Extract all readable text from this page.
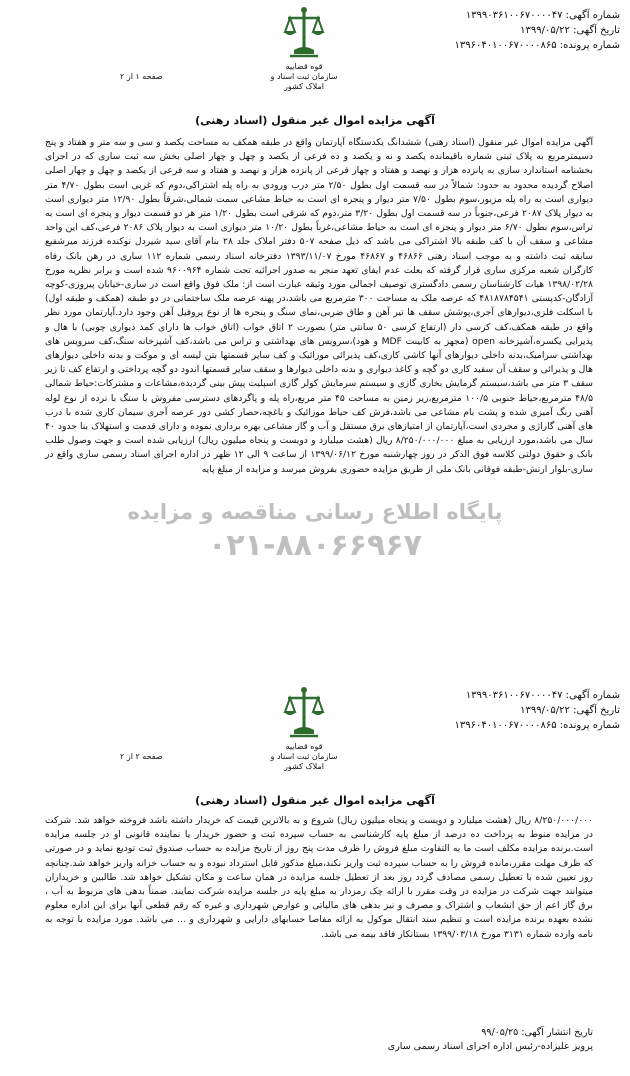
شماره آگهی: ۱۳۹۹۰۳۶۱۰۰۶۷۰۰۰۰۴۷
تاریخ آگهی: ۱۳۹۹/۰۵/۲۲
شماره پرونده: ۱۳۹۶۰۴۰۱۰۰۶۷۰۰۰۰۸۶۵
قوه قضاییه
سازمان ثبت اسناد و املاک کشور
صفحه ۱ از ۲
آگهی مزایده اموال غیر منقول (اسناد رهنی)

آگهی مزایده اموال غیر منقول (اسناد رهنی) ششدانگ یکدستگاه آپارتمان واقع در طبقه همکف به مساحت یکصد و سی و سه متر و هفتاد و پنج دسیمترمربع به پلاک ثبتی شماره باقیمانده یکصد و نه و یکصد و ده فرعی از یکصد و چهل و چهار اصلی بخش سه ثبت ساری که در اجرای بخشنامه استاندارد سازی به پانزده هزار و نهصد و هفتاد و چهار فرعی از پانزده هزار و نهصد و هفتاد و سه فرعی از یکصد و چهل و چهار اصلی اصلاح گردیده محدود به حدود: شمالاً در سه قسمت اول بطول ۲/۵۰ متر درب ورودی به راه پله اشتراکی،دوم که غربی است بطول ۴/۷۰ متر دیواری است به راه پله مزبور،سوم بطول ۷/۵۰ متر دیوار و پنجره ای است به حیاط مشاعی سمت شمالی،شرقاً بطول ۱۲/۹۰ متر دیواری است به دیوار پلاک ۲۰۸۷ فرعی،جنوباً در سه قسمت اول بطول ۳/۲۰ متر،دوم که شرقی است بطول ۱/۲۰ متر هر دو قسمت دیوار و پنجره ای است به تراس،سوم بطول ۶/۷۰ متر دیوار و پنجره ای است به حیاط مشاعی،غرباً بطول ۱۰/۲۰ متر دیواری است به دیوار پلاک ۲۰۸۶ فرعی،کف این واحد مشاعی و سقف آن با کف طبقه بالا اشتراکی می باشد که ذیل صفحه ۵۰۷ دفتر املاک جلد ۲۸ بنام آقای سید شیردل نوکنده فرزند میرشفیع سابقه ثبت داشته و به موجب اسناد رهنی ۴۶۸۶۶ و ۴۶۸۶۷ مورخ ۱۳۹۳/۱۱/۰۷ دفترخانه اسناد رسمی شماره ۱۱۲ ساری در رهن بانک رفاه کارگران شعبه مرکزی ساری قرار گرفته که بعلت عدم ایفای تعهد منجر به صدور اجرائیه تحت شماره ۹۶۰۰۹۶۴ شده است و برابر نظریه مورخ ۱۳۹۸/۰۲/۲۸ هیات کارشناسان رسمی دادگستری توصیف اجمالی مورد وثیقه عبارت است از: ملک فوق واقع است در ساری-خیابان پیروزی-کوچه آزادگان-کدپستی ۴۸۱۸۷۸۴۵۴۱ که عرصه ملک به مساحت ۳۰۰ مترمربع می باشد،در پهنه عرصه ملک ساختمانی در دو طبقه (همکف و طبقه اول) با اسکلت فلزی،دیوارهای آجری،پوشش سقف ها تیر آهن و طاق ضربی،نمای سنگ و پنجره ها از نوع پروفیل آهن وجود دارد.آپارتمان مورد نظر واقع در طبقه همکف،کف کرسی دار (ارتفاع کرسی ۵۰ سانتی متر) بصورت ۲ اتاق خواب (اتاق خواب ها دارای کمد دیواری چوبی) با هال و پذیرایی یکسره،آشپزخانه open (مجهز به کابینت MDF و هود)،سرویس های بهداشتی و تراس می باشد،کف آشپزخانه سنگ،کف سرویس های بهداشتی سرامیک،بدنه داخلی دیوارهای آنها کاشی کاری،کف پذیرائی موزائیک و کف سایر قسمتها بتن لیسه ای و موکت و بدنه داخلی دیوارهای هال و پذیرائی و سقف آن سفید کاری دو گچه و کاغذ دیواری و بدنه داخلی دیوارها و سقف سایر قسمتها اندود دو گچه پرداختی و ارتفاع کف تا زیر سقف ۳ متر می باشد،سیستم گرمایش بخاری گازی و سیستم سرمایش کولر گازی اسپلیت پیش بینی گردیده،مشاعات و مشترکات:حیاط شمالی ۴۸/۵ مترمربع،حیاط جنوبی ۱۰۰/۵ مترمربع،زیر زمین به مساحت ۴۵ متر مربع،راه پله و پاگردهای دسترسی مفروش با سنگ با نرده از نوع لوله آهنی رنگ آمیزی شده و پشت بام مشاعی می باشد،فرش کف حیاط موزائیک و باغچه،حصار کشی دور عرصه آجری سیمان کاری شده با درب های آهنی گاراژی و مجردی است،آپارتمان از امتیازهای برق مستقل و آب و گاز مشاعی بهره برداری نموده و دارای قدمت و استهلاک بنا حدود ۴۰ سال می باشد،مورد ارزیابی به مبلغ ۸/۲۵۰/۰۰۰/۰۰۰ ریال (هشت میلیارد و دویست و پنجاه میلیون ریال) ارزیابی شده است و جهت وصول طلب بانک و حقوق دولتی کلاسه فوق الذکر در روز چهارشنبه مورخ ۱۳۹۹/۰۶/۱۲ از ساعت ۹ الی ۱۲ ظهر در اداره اجرای اسناد رسمی ساری واقع در ساری-بلوار ارتش-طبقه فوقانی بانک ملی از طریق مزایده حضوری بفروش میرسد و مزایده از مبلغ پایه

پایگاه اطلاع رسانی مناقصه و مزایده
۰۲۱-۸۸۰۶۶۹۶۷
شماره آگهی: ۱۳۹۹۰۳۶۱۰۰۶۷۰۰۰۰۴۷
تاریخ آگهی: ۱۳۹۹/۰۵/۲۲
شماره پرونده: ۱۳۹۶۰۴۰۱۰۰۶۷۰۰۰۰۸۶۵
قوه قضاییه
سازمان ثبت اسناد و املاک کشور
صفحه ۲ از ۲
آگهی مزایده اموال غیر منقول (اسناد رهنی)

۸/۲۵۰/۰۰۰/۰۰۰ ریال (هشت میلیارد و دویست و پنجاه میلیون ریال) شروع و به بالاترین قیمت که خریدار داشته باشد فروخته خواهد شد. شرکت در مزایده منوط به پرداخت ده درصد از مبلغ پایه کارشناسی به حساب سپرده ثبت و حضور خریدار یا نماینده قانونی او در جلسه مزایده است.برنده مزایده مکلف است ما به التفاوت مبلغ فروش را ظرف مدت پنج روز از تاریخ مزایده به حساب صندوق ثبت تودیع نماید و در صورتی که ظرف مهلت مقرر،مانده فروش را به حساب سپرده ثبت واریز نکند،مبلغ مذکور قابل استرداد نبوده و به حساب خزانه واریز خواهد شد.چنانچه روز تعیین شده با تعطیل رسمی مصادف گردد روز بعد از تعطیل جلسه مزایده در همان ساعت و مکان تشکیل خواهد شد. طالبین و خریداران میتوانند جهت شرکت در مزایده در وقت مقرر با ارائه چک رمزدار به مبلغ پایه در جلسه مزایده شرکت نمایند. ضمناً بدهی های مربوط به آب ، برق گاز اعم از حق انشعاب و اشتراک و مصرف و نیز بدهی های مالیاتی و عوارض شهرداری و غیره که رقم قطعی آنها برای این اداره معلوم نشده بعهده برنده مزایده است و تنظیم سند انتقال موکول به ارائه مفاصا حسابهای دارایی و شهرداری و ... می باشد. مورد مزایده با توجه به نامه وارده شماره ۳۱۳۱ مورخ ۱۳۹۹/۰۳/۱۸ بستانکار فاقد بیمه می باشد.

تاریخ انتشار آگهی: ۹۹/۰۵/۲۵
پرویز علیزاده-رئیس اداره اجرای اسناد رسمی ساری
